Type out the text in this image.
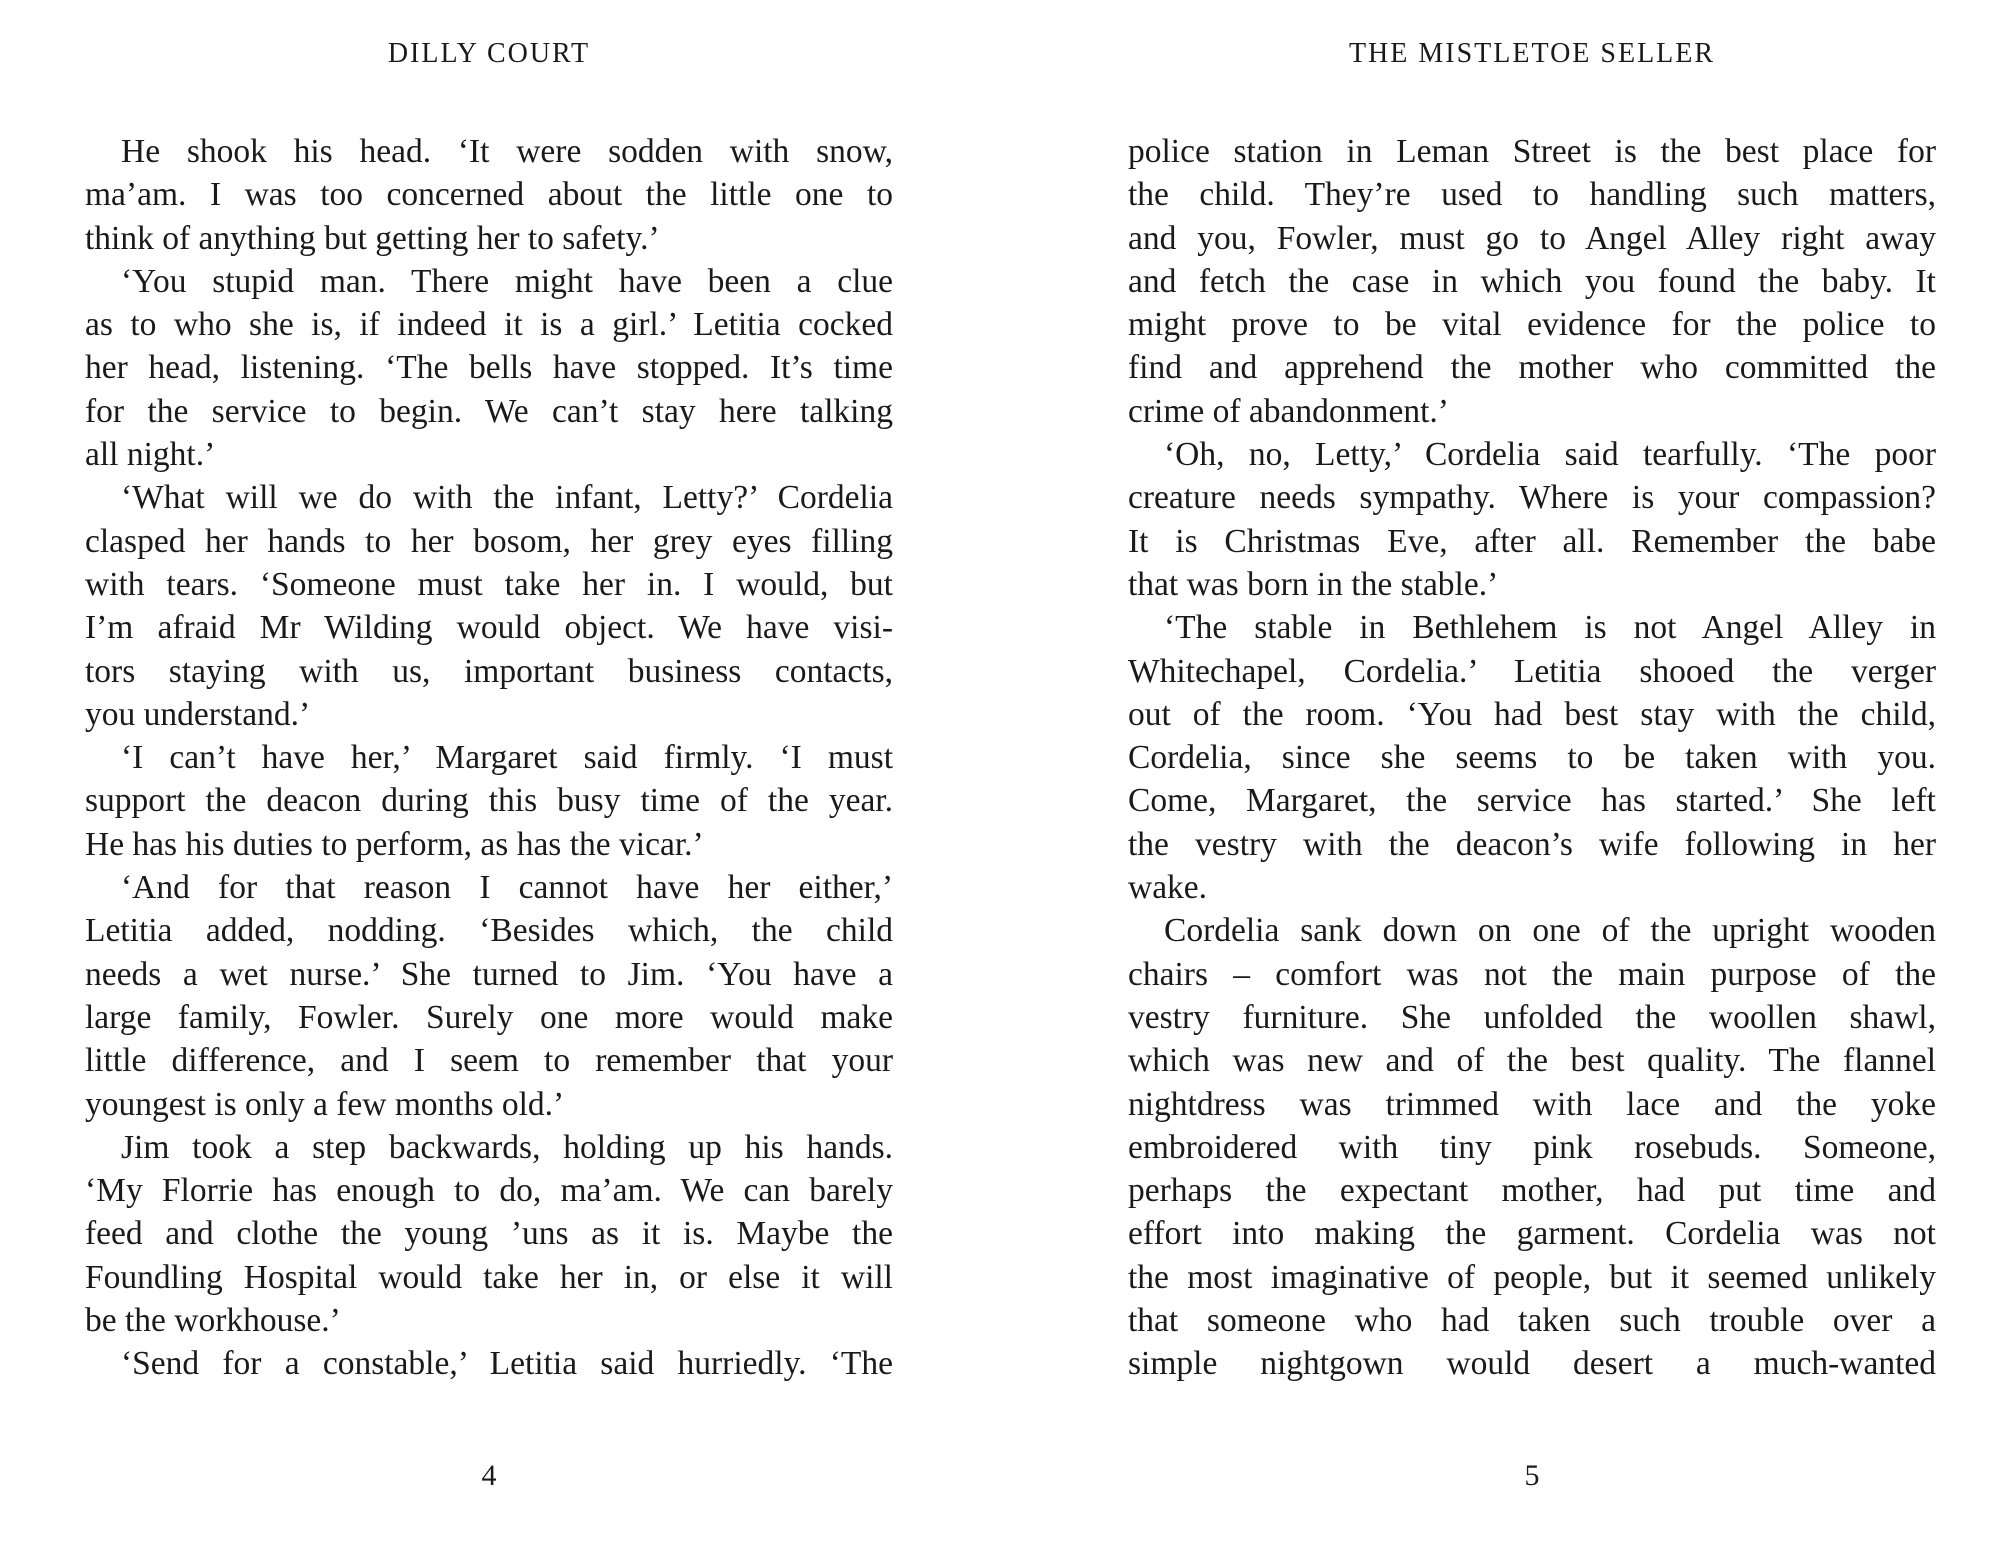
DILLY COURT
He shook his head. ‘It were sodden with snow,
ma’am. I was too concerned about the little one to
think of anything but getting her to safety.’
‘You stupid man. There might have been a clue
as to who she is, if indeed it is a girl.’ Letitia cocked
her head, listening. ‘The bells have stopped. It’s time
for the service to begin. We can’t stay here talking
all night.’
‘What will we do with the infant, Letty?’ Cordelia
clasped her hands to her bosom, her grey eyes filling
with tears. ‘Someone must take her in. I would, but
I’m afraid Mr Wilding would object. We have visi-
tors staying with us, important business contacts,
you understand.’
‘I can’t have her,’ Margaret said firmly. ‘I must
support the deacon during this busy time of the year.
He has his duties to perform, as has the vicar.’
‘And for that reason I cannot have her either,’
Letitia added, nodding. ‘Besides which, the child
needs a wet nurse.’ She turned to Jim. ‘You have a
large family, Fowler. Surely one more would make
little difference, and I seem to remember that your
youngest is only a few months old.’
Jim took a step backwards, holding up his hands.
‘My Florrie has enough to do, ma’am. We can barely
feed and clothe the young ’uns as it is. Maybe the
Foundling Hospital would take her in, or else it will
be the workhouse.’
‘Send for a constable,’ Letitia said hurriedly. ‘The
4
THE MISTLETOE SELLER
police station in Leman Street is the best place for
the child. They’re used to handling such matters,
and you, Fowler, must go to Angel Alley right away
and fetch the case in which you found the baby. It
might prove to be vital evidence for the police to
find and apprehend the mother who committed the
crime of abandonment.’
‘Oh, no, Letty,’ Cordelia said tearfully. ‘The poor
creature needs sympathy. Where is your compassion?
It is Christmas Eve, after all. Remember the babe
that was born in the stable.’
‘The stable in Bethlehem is not Angel Alley in
Whitechapel, Cordelia.’ Letitia shooed the verger
out of the room. ‘You had best stay with the child,
Cordelia, since she seems to be taken with you.
Come, Margaret, the service has started.’ She left
the vestry with the deacon’s wife following in her
wake.
Cordelia sank down on one of the upright wooden
chairs – comfort was not the main purpose of the
vestry furniture. She unfolded the woollen shawl,
which was new and of the best quality. The flannel
nightdress was trimmed with lace and the yoke
embroidered with tiny pink rosebuds. Someone,
perhaps the expectant mother, had put time and
effort into making the garment. Cordelia was not
the most imaginative of people, but it seemed unlikely
that someone who had taken such trouble over a
simple nightgown would desert a much-wanted
5
